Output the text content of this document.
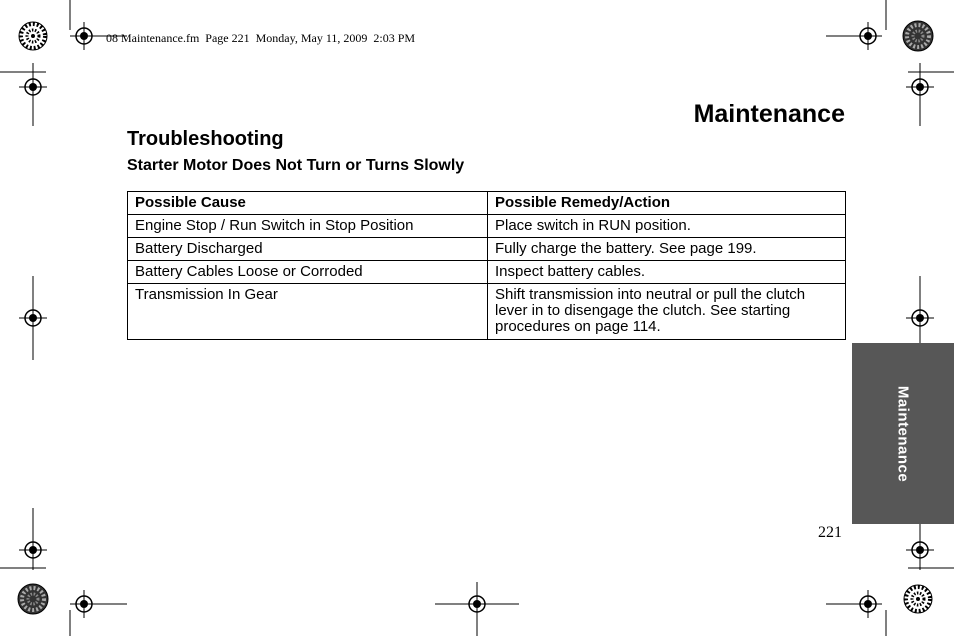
08 Maintenance.fm  Page 221  Monday, May 11, 2009  2:03 PM
Maintenance
Troubleshooting
Starter Motor Does Not Turn or Turns Slowly
Possible Cause	Possible Remedy/Action
Engine Stop / Run Switch in Stop Position	Place switch in RUN position.
Battery Discharged	Fully charge the battery. See page 199.
Battery Cables Loose or Corroded	Inspect battery cables.
Transmission In Gear	Shift transmission into neutral or pull the clutch lever in to disengage the clutch. See starting procedures on page 114.
Maintenance
221
